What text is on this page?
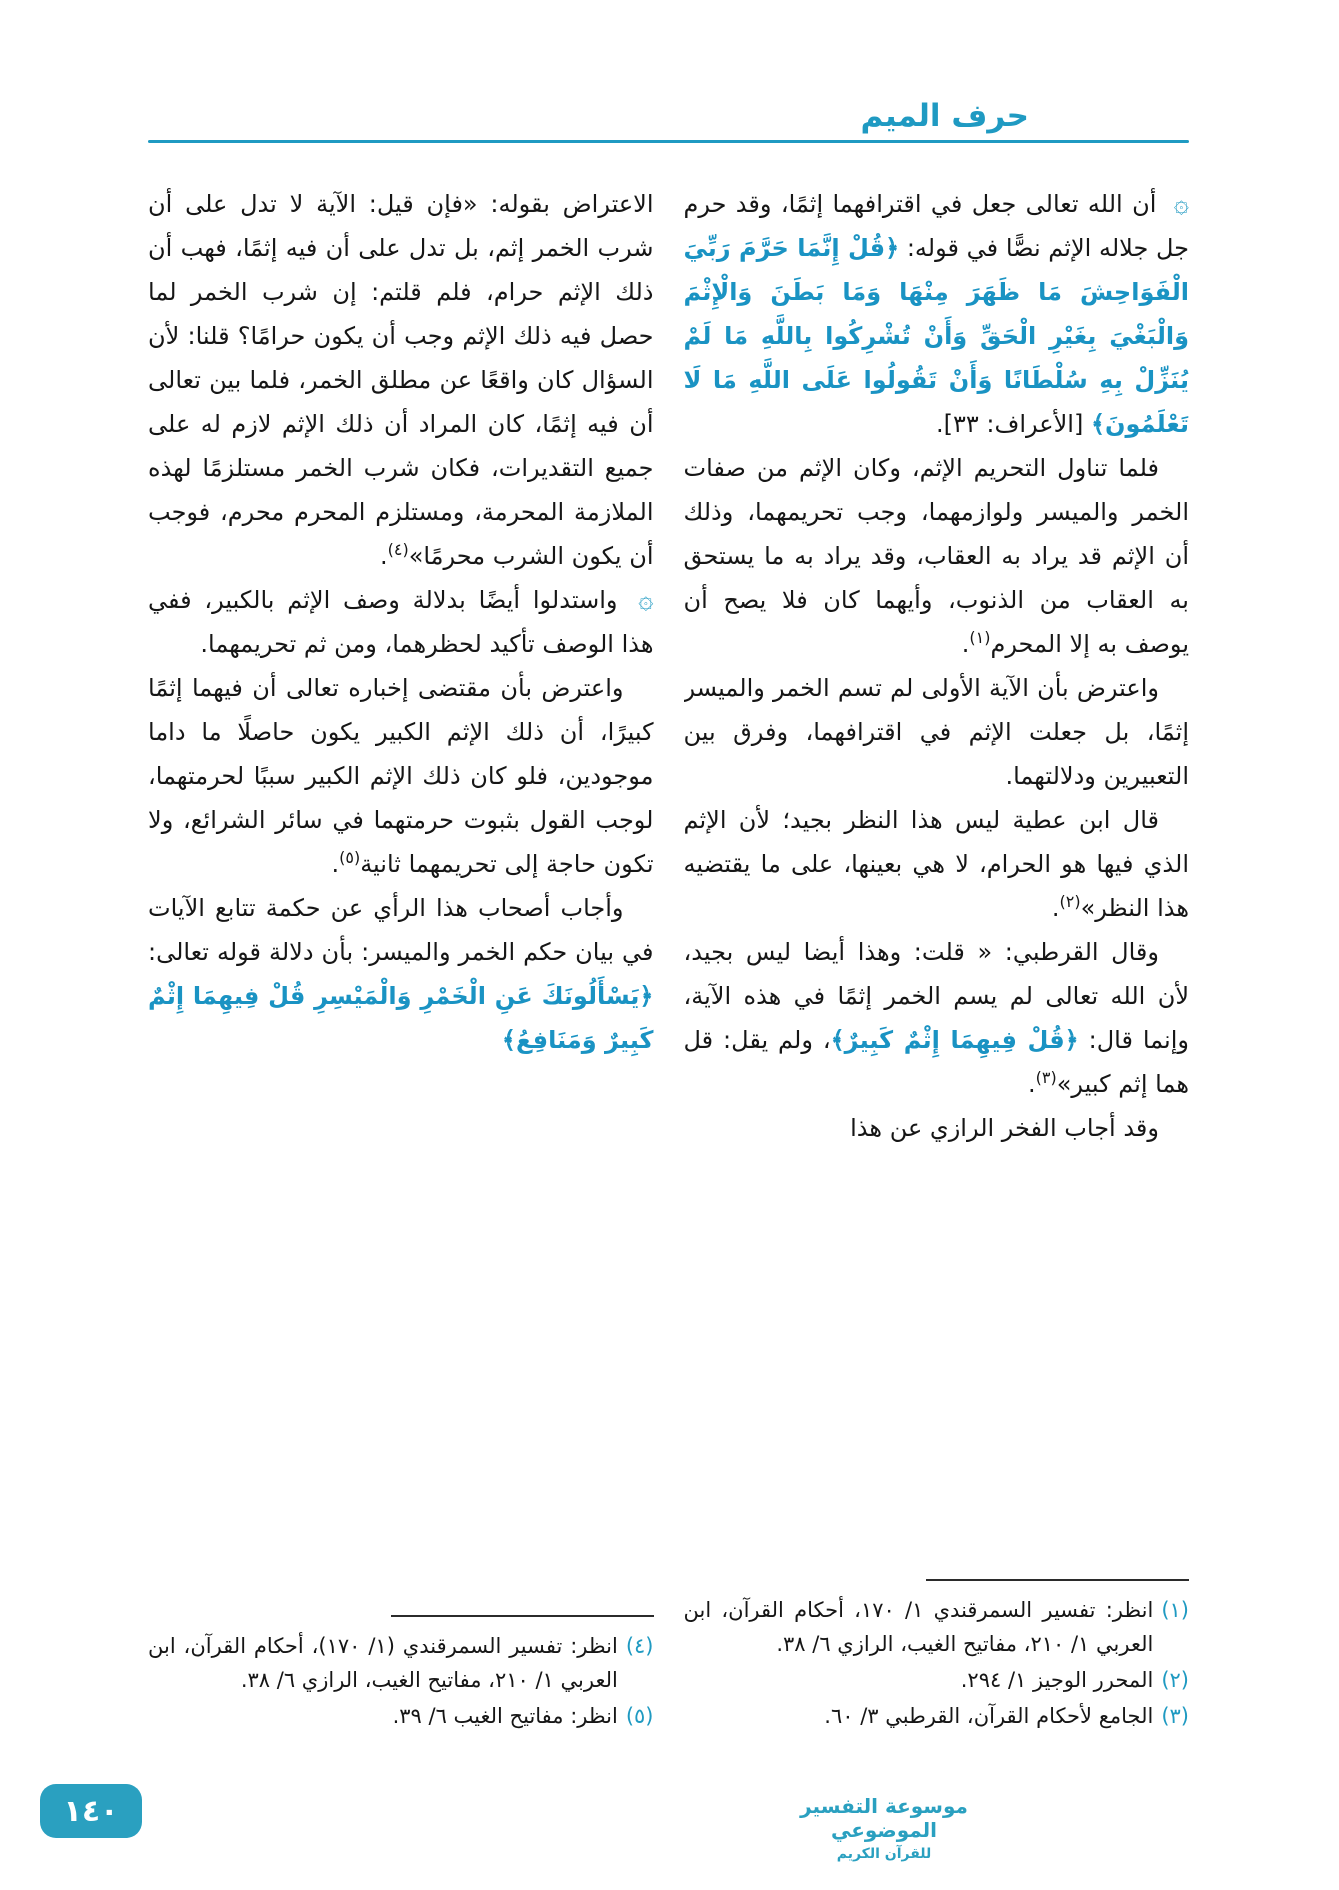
حرف الميم

۞ أن الله تعالى جعل في اقترافهما إثمًا، وقد حرم جل جلاله الإثم نصًّا في قوله: ﴿قُلْ إِنَّمَا حَرَّمَ رَبِّيَ الْفَوَاحِشَ مَا ظَهَرَ مِنْهَا وَمَا بَطَنَ وَالْإِثْمَ وَالْبَغْيَ بِغَيْرِ الْحَقِّ وَأَنْ تُشْرِكُوا بِاللَّهِ مَا لَمْ يُنَزِّلْ بِهِ سُلْطَانًا وَأَنْ تَقُولُوا عَلَى اللَّهِ مَا لَا تَعْلَمُونَ﴾ [الأعراف: ٣٣].

فلما تناول التحريم الإثم، وكان الإثم من صفات الخمر والميسر ولوازمهما، وجب تحريمهما، وذلك أن الإثم قد يراد به العقاب، وقد يراد به ما يستحق به العقاب من الذنوب، وأيهما كان فلا يصح أن يوصف به إلا المحرم$^{(١)}$.

واعترض بأن الآية الأولى لم تسم الخمر والميسر إثمًا، بل جعلت الإثم في اقترافهما، وفرق بين التعبيرين ودلالتهما.

قال ابن عطية ليس هذا النظر بجيد؛ لأن الإثم الذي فيها هو الحرام، لا هي بعينها، على ما يقتضيه هذا النظر»$^{(٢)}$.

وقال القرطبي: « قلت: وهذا أيضا ليس بجيد، لأن الله تعالى لم يسم الخمر إثمًا في هذه الآية، وإنما قال: ﴿قُلْ فِيهِمَا إِثْمٌ كَبِيرٌ﴾، ولم يقل: قل هما إثم كبير»$^{(٣)}$.

وقد أجاب الفخر الرازي عن هذا

(١)
انظر: تفسير السمرقندي ١/ ١٧٠، أحكام القرآن، ابن العربي ١/ ٢١٠، مفاتيح الغيب، الرازي ٦/ ٣٨.
(٢)
المحرر الوجيز ١/ ٢٩٤.
(٣)
الجامع لأحكام القرآن، القرطبي ٣/ ٦٠.

الاعتراض بقوله: «فإن قيل: الآية لا تدل على أن شرب الخمر إثم، بل تدل على أن فيه إثمًا، فهب أن ذلك الإثم حرام، فلم قلتم: إن شرب الخمر لما حصل فيه ذلك الإثم وجب أن يكون حرامًا؟ قلنا: لأن السؤال كان واقعًا عن مطلق الخمر، فلما بين تعالى أن فيه إثمًا، كان المراد أن ذلك الإثم لازم له على جميع التقديرات، فكان شرب الخمر مستلزمًا لهذه الملازمة المحرمة، ومستلزم المحرم محرم، فوجب أن يكون الشرب محرمًا»$^{(٤)}$.

۞ واستدلوا أيضًا بدلالة وصف الإثم بالكبير، ففي هذا الوصف تأكيد لحظرهما، ومن ثم تحريمهما.

واعترض بأن مقتضى إخباره تعالى أن فيهما إثمًا كبيرًا، أن ذلك الإثم الكبير يكون حاصلًا ما داما موجودين، فلو كان ذلك الإثم الكبير سببًا لحرمتهما، لوجب القول بثبوت حرمتهما في سائر الشرائع، ولا تكون حاجة إلى تحريمهما ثانية$^{(٥)}$.

وأجاب أصحاب هذا الرأي عن حكمة تتابع الآيات في بيان حكم الخمر والميسر: بأن دلالة قوله تعالى: ﴿يَسْأَلُونَكَ عَنِ الْخَمْرِ وَالْمَيْسِرِ قُلْ فِيهِمَا إِثْمٌ كَبِيرٌ وَمَنَافِعُ﴾

(٤)
انظر: تفسير السمرقندي (١/ ١٧٠)، أحكام القرآن، ابن العربي ١/ ٢١٠، مفاتيح الغيب، الرازي ٦/ ٣٨.
(٥)
انظر: مفاتيح الغيب ٦/ ٣٩.
موسوعة التفسير الموضوعي
للقرآن الكريم
١٤٠
